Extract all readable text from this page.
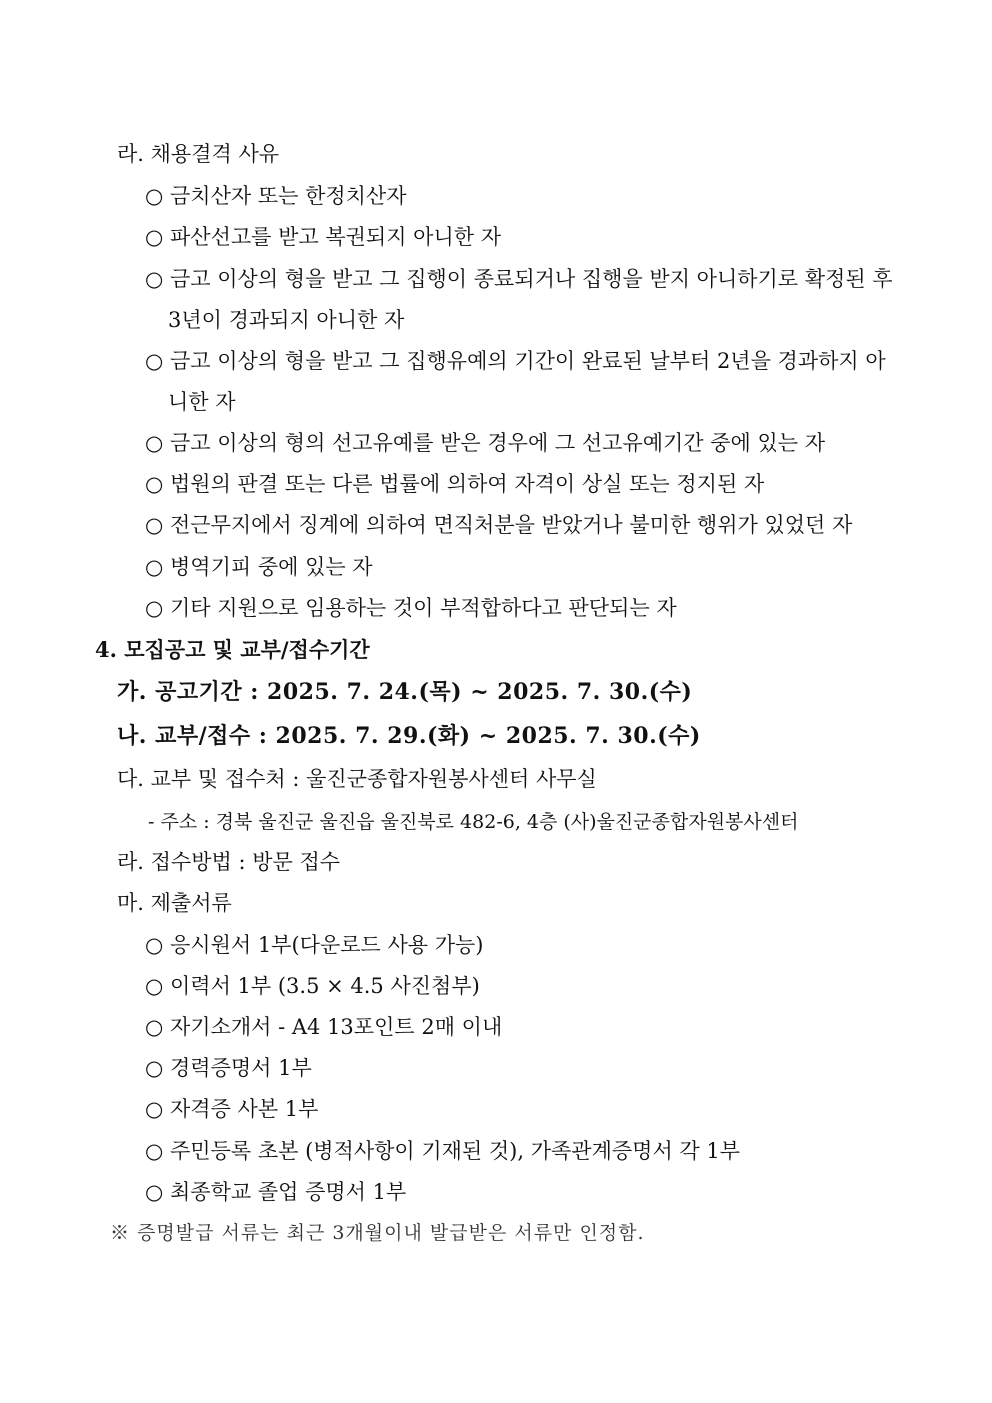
라. 채용결격 사유
○ 금치산자 또는 한정치산자
○ 파산선고를 받고 복권되지 아니한 자
○ 금고 이상의 형을 받고 그 집행이 종료되거나 집행을 받지 아니하기로 확정된 후
3년이 경과되지 아니한 자
○ 금고 이상의 형을 받고 그 집행유예의 기간이 완료된 날부터 2년을 경과하지 아
니한 자
○ 금고 이상의 형의 선고유예를 받은 경우에 그 선고유예기간 중에 있는 자
○ 법원의 판결 또는 다른 법률에 의하여 자격이 상실 또는 정지된 자
○ 전근무지에서 징계에 의하여 면직처분을 받았거나 불미한 행위가 있었던 자
○ 병역기피 중에 있는 자
○ 기타 지원으로 임용하는 것이 부적합하다고 판단되는 자
4. 모집공고 및 교부/접수기간
가. 공고기간 : 2025. 7. 24.(목) ~ 2025. 7. 30.(수)
나. 교부/접수 : 2025. 7. 29.(화) ~ 2025. 7. 30.(수)
다. 교부 및 접수처 : 울진군종합자원봉사센터 사무실
- 주소 : 경북 울진군 울진읍 울진북로 482-6, 4층 (사)울진군종합자원봉사센터
라. 접수방법 : 방문 접수
마. 제출서류
○ 응시원서 1부(다운로드 사용 가능)
○ 이력서 1부 (3.5 × 4.5 사진첨부)
○ 자기소개서 - A4 13포인트 2매 이내
○ 경력증명서 1부
○ 자격증 사본 1부
○ 주민등록 초본 (병적사항이 기재된 것), 가족관계증명서 각 1부
○ 최종학교 졸업 증명서 1부
※ 증명발급 서류는 최근 3개월이내 발급받은 서류만 인정함.
